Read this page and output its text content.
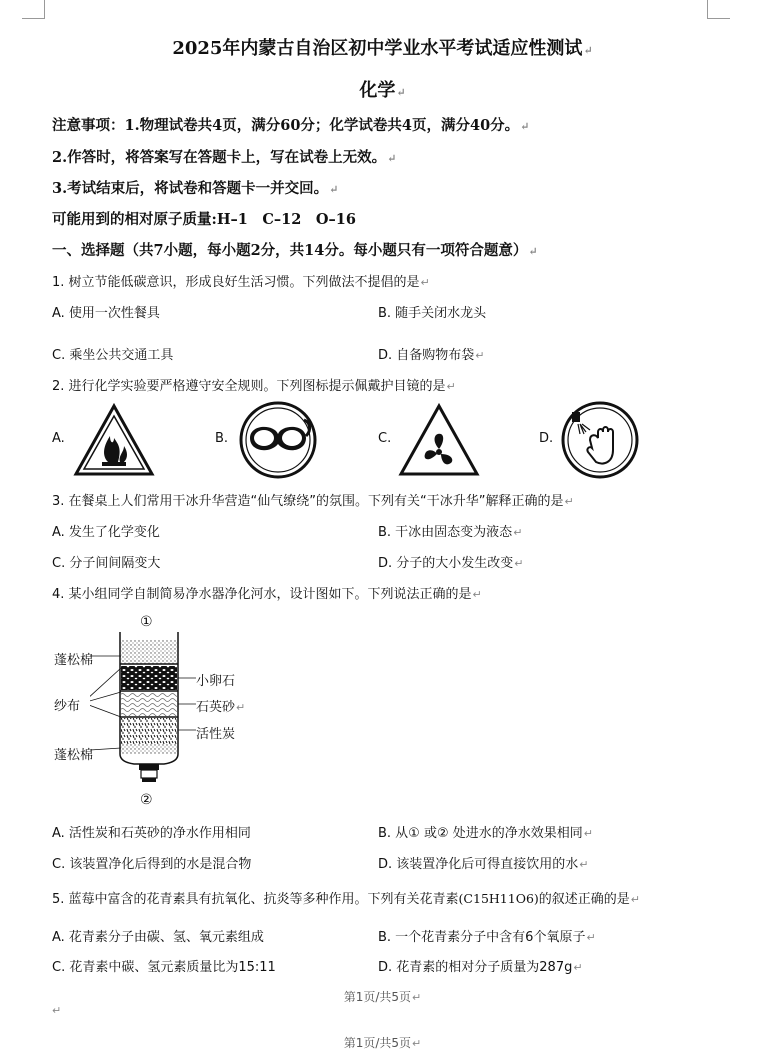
2025年内蒙古自治区初中学业水平考试适应性测试↵
化学↵
注意事项：1.物理试卷共4页，满分60分；化学试卷共4页，满分40分。↵
2.作答时，将答案写在答题卡上，写在试卷上无效。↵
3.考试结束后，将试卷和答题卡一并交回。↵
可能用到的相对原子质量:H–1　C–12　O–16
一、选择题（共7小题，每小题2分，共14分。每小题只有一项符合题意）↵
1. 树立节能低碳意识，形成良好生活习惯。下列做法不提倡的是↵
A. 使用一次性餐具	B. 随手关闭水龙头
C. 乘坐公共交通工具	D. 自备购物布袋↵
2. 进行化学实验要严格遵守安全规则。下列图标提示佩戴护目镜的是↵
A.	B.	C.	D.
3. 在餐桌上人们常用干冰升华营造“仙气缭绕”的氛围。下列有关“干冰升华”解释正确的是↵
A. 发生了化学变化	B. 干冰由固态变为液态↵
C. 分子间间隔变大	D. 分子的大小发生改变↵
4. 某小组同学自制简易净水器净化河水，设计图如下。下列说法正确的是↵
①
②
蓬松棉
纱布
蓬松棉
小卵石
石英砂↵
活性炭
A. 活性炭和石英砂的净水作用相同	B. 从① 或② 处进水的净水效果相同↵
C. 该装置净化后得到的水是混合物	D. 该装置净化后可得直接饮用的水↵
5. 蓝莓中富含的花青素具有抗氧化、抗炎等多种作用。下列有关花青素(C15H11O6)的叙述正确的是↵
A. 花青素分子由碳、氢、氧元素组成	B. 一个花青素分子中含有6个氧原子↵
C. 花青素中碳、氢元素质量比为15:11	D. 花青素的相对分子质量为287g↵
第1页/共5页↵
↵
第1页/共5页↵
